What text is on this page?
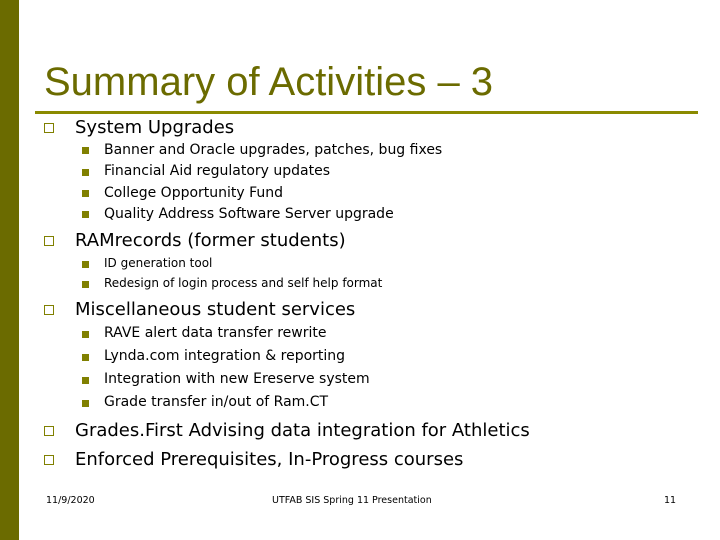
Summary of Activities – 3
System Upgrades
Banner and Oracle upgrades, patches, bug fixes
Financial Aid regulatory updates
College Opportunity Fund
Quality Address Software Server upgrade
RAMrecords (former students)
ID generation tool
Redesign of login process and self help format
Miscellaneous student services
RAVE alert data transfer rewrite
Lynda.com integration & reporting
Integration with new Ereserve system
Grade transfer in/out of Ram.CT
Grades.First Advising data integration for Athletics
Enforced Prerequisites, In-Progress courses
11/9/2020	UTFAB SIS Spring 11 Presentation	11
